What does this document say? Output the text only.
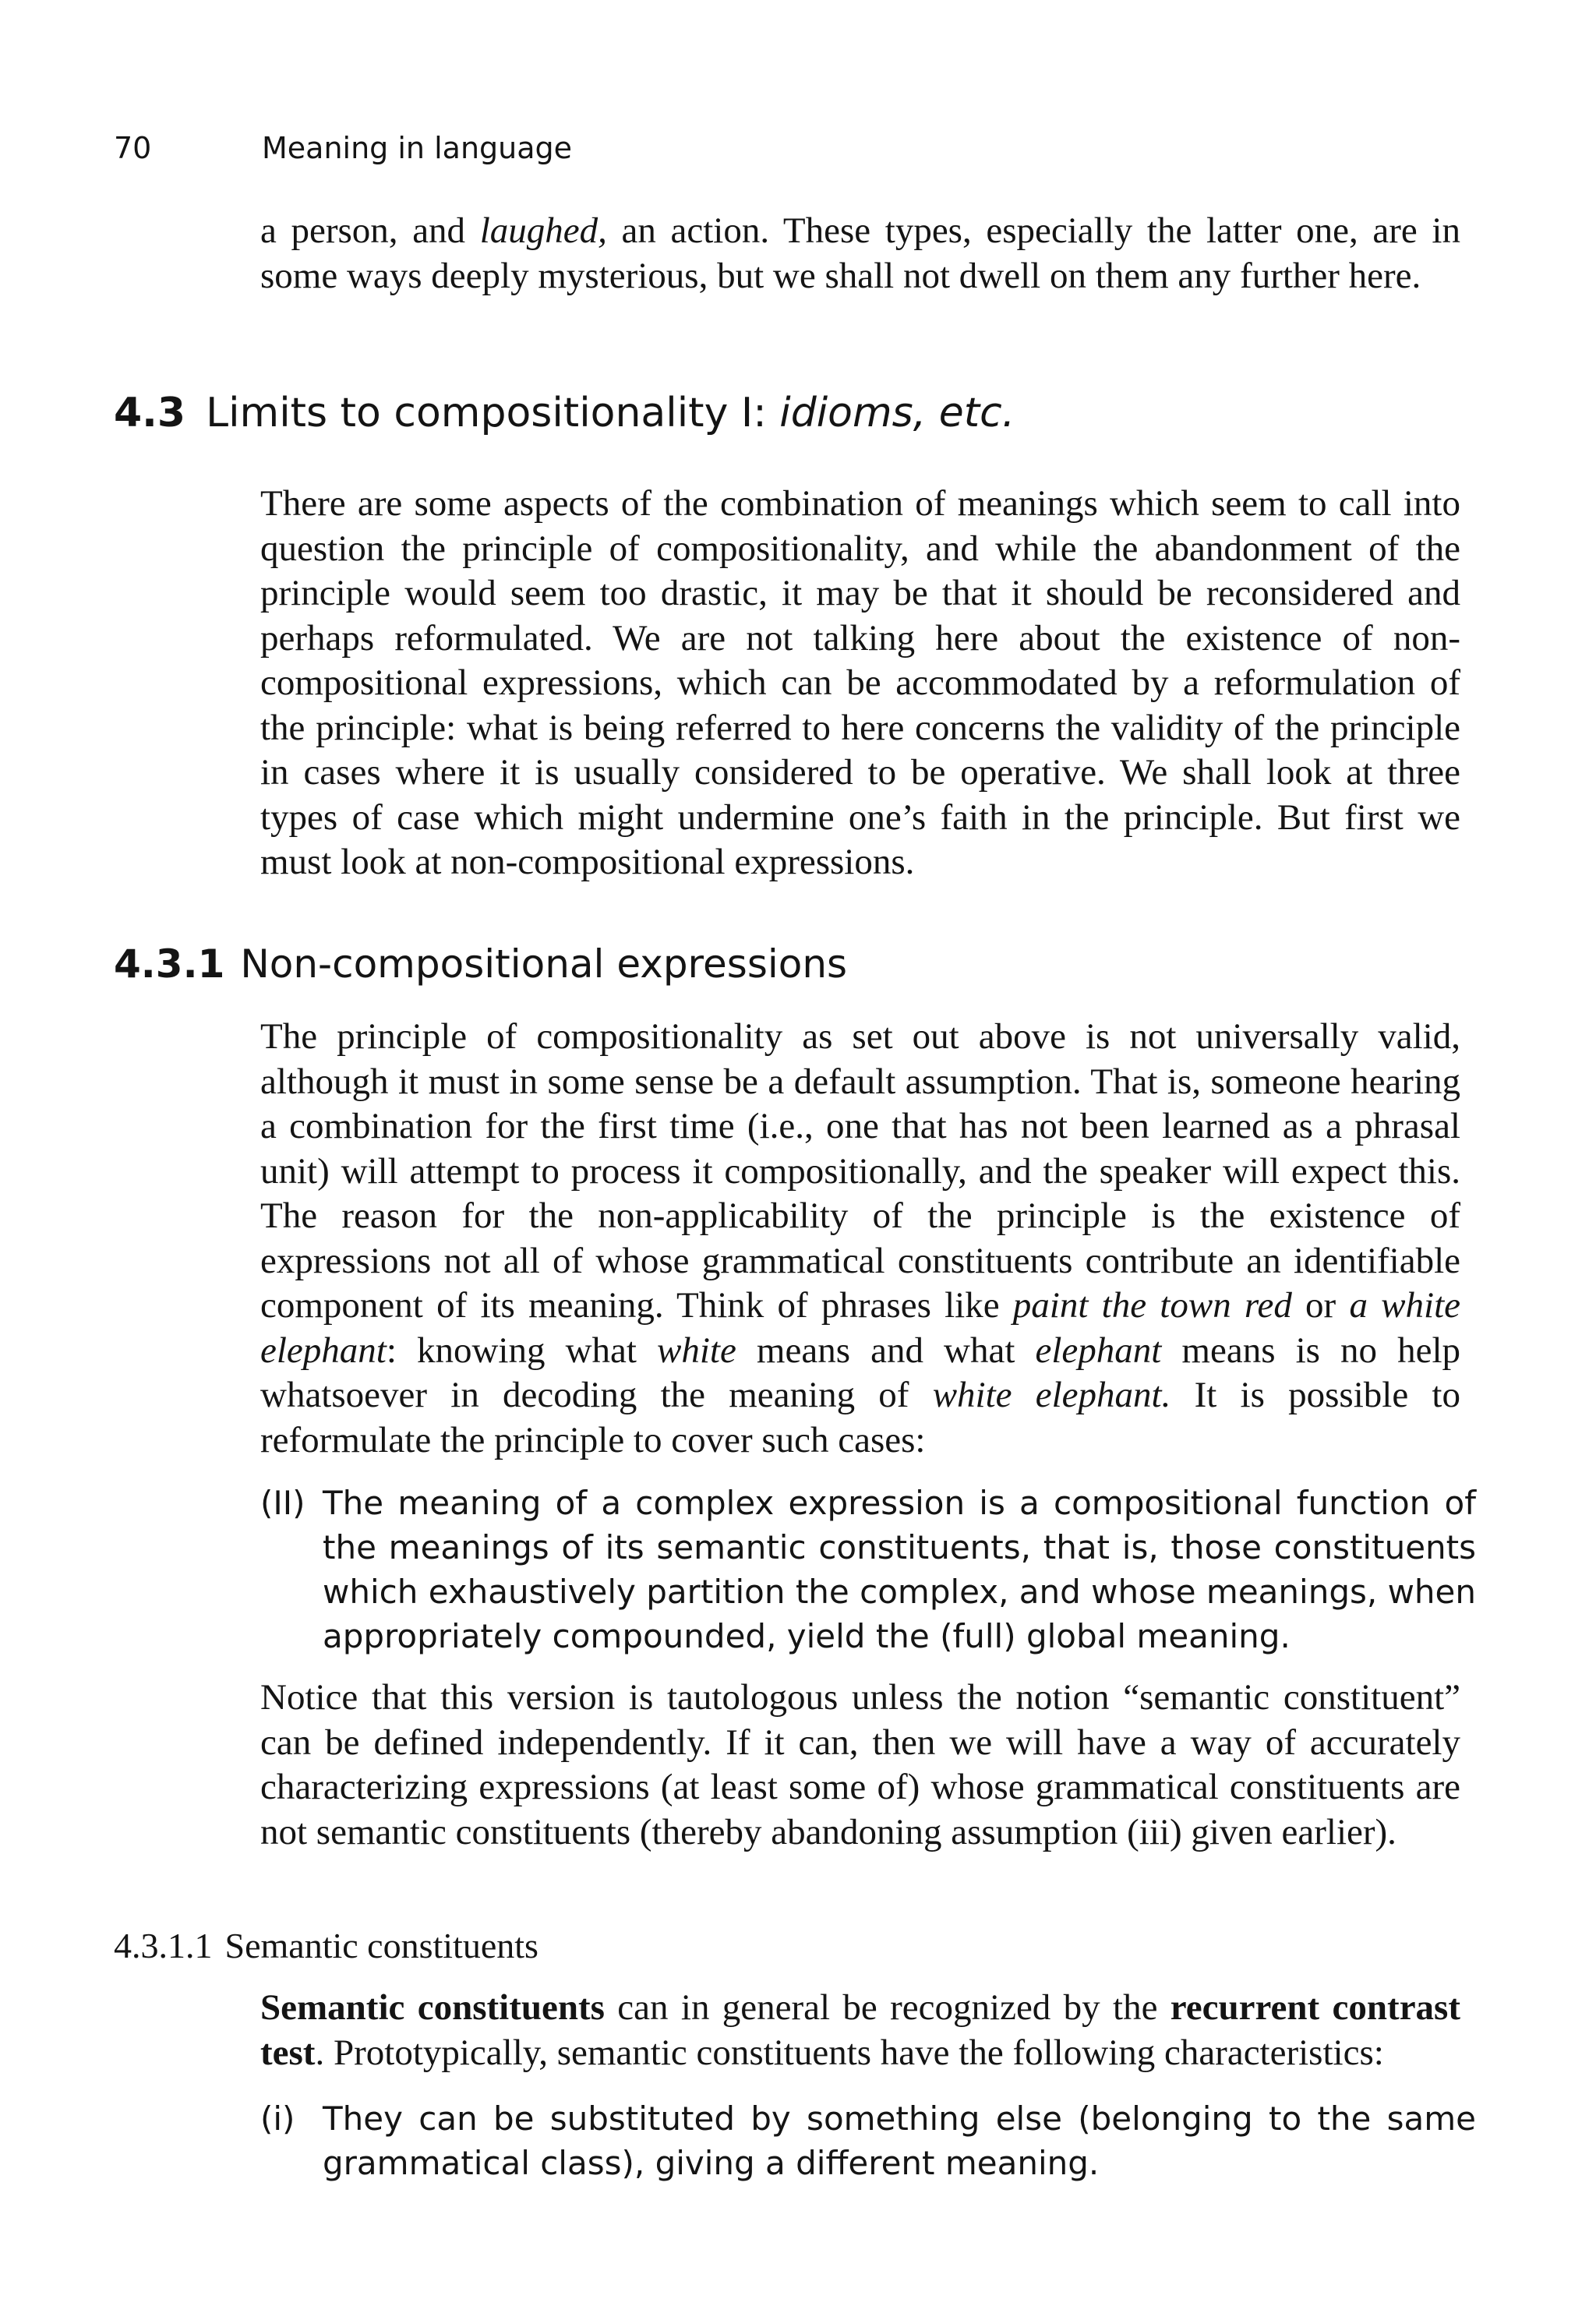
70	Meaning in language

a person, and laughed, an action. These types, especially the latter one, are in some ways deeply mysterious, but we shall not dwell on them any further here.

4.3 Limits to compositionality I: idioms, etc.

There are some aspects of the combination of meanings which seem to call into question the principle of compositionality, and while the abandonment of the principle would seem too drastic, it may be that it should be reconsidered and perhaps reformulated. We are not talking here about the existence of non-compositional expressions, which can be accommodated by a reformulation of the principle: what is being referred to here concerns the validity of the principle in cases where it is usually considered to be operative. We shall look at three types of case which might undermine one’s faith in the principle. But first we must look at non-compositional expressions.

4.3.1 Non-compositional expressions

The principle of compositionality as set out above is not universally valid, although it must in some sense be a default assumption. That is, someone hearing a combination for the first time (i.e., one that has not been learned as a phrasal unit) will attempt to process it compositionally, and the speaker will expect this. The reason for the non-applicability of the principle is the existence of expressions not all of whose grammatical constituents contribute an identifiable component of its meaning. Think of phrases like paint the town red or a white elephant: knowing what white means and what elephant means is no help whatsoever in decoding the meaning of white elephant. It is possible to reformulate the principle to cover such cases:

(II) The meaning of a complex expression is a compositional function of the meanings of its semantic constituents, that is, those constituents which exhaustively partition the complex, and whose meanings, when appropriately compounded, yield the (full) global meaning.

Notice that this version is tautologous unless the notion “semantic constituent” can be defined independently. If it can, then we will have a way of accurately characterizing expressions (at least some of) whose grammatical constituents are not semantic constituents (thereby abandoning assumption (iii) given earlier).

4.3.1.1 Semantic constituents

Semantic constituents can in general be recognized by the recurrent contrast test. Prototypically, semantic constituents have the following characteristics:

(i) They can be substituted by something else (belonging to the same grammatical class), giving a different meaning.
